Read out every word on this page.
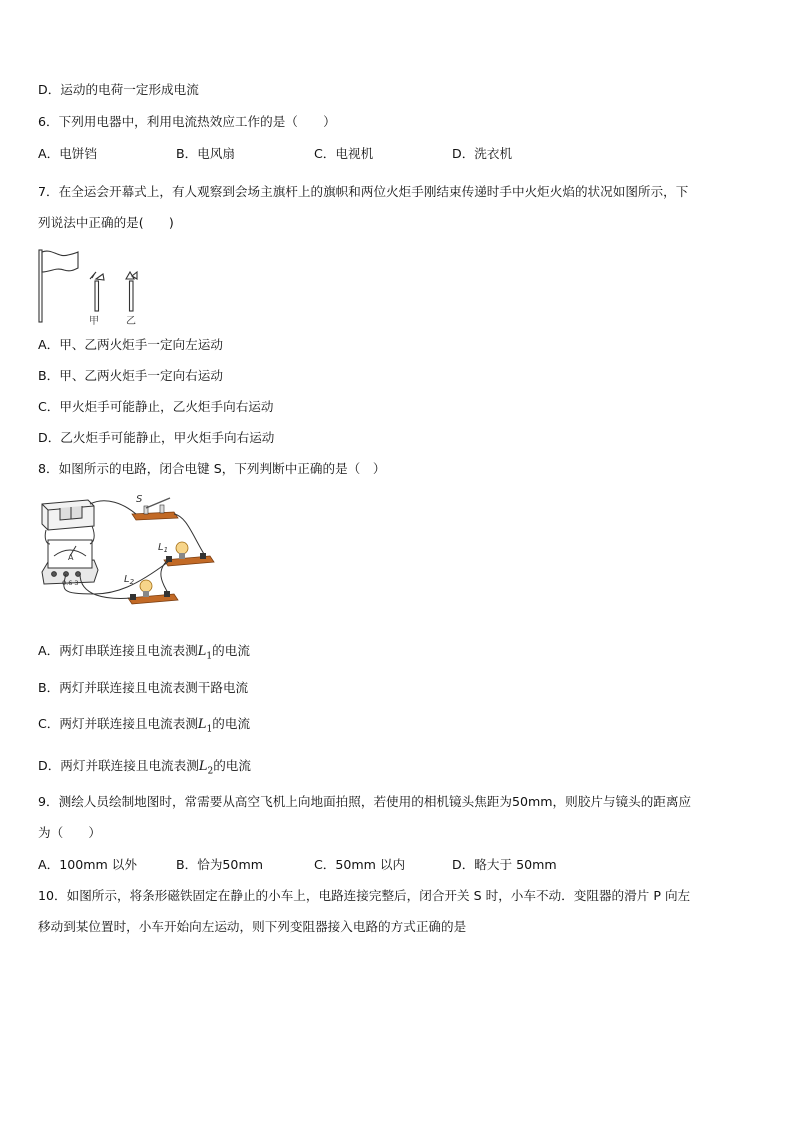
D．运动的电荷一定形成电流
6．下列用电器中，利用电流热效应工作的是（　　）
A．电饼铛	B．电风扇	C．电视机	D．洗衣机
7．在全运会开幕式上，有人观察到会场主旗杆上的旗帜和两位火炬手刚结束传递时手中火炬火焰的状况如图所示，下
列说法中正确的是(　　)
甲	乙
A．甲、乙两火炬手一定向左运动
B．甲、乙两火炬手一定向右运动
C．甲火炬手可能静止，乙火炬手向右运动
D．乙火炬手可能静止，甲火炬手向右运动
8．如图所示的电路，闭合电键 S，下列判断中正确的是（　）
A
0.6 3
S
$L_1$
$L_2$
A．两灯串联连接且电流表测$L_1$的电流
B．两灯并联连接且电流表测干路电流
C．两灯并联连接且电流表测$L_1$的电流
D．两灯并联连接且电流表测$L_2$的电流
9．测绘人员绘制地图时，常需要从高空飞机上向地面拍照，若使用的相机镜头焦距为50mm，则胶片与镜头的距离应
为（　　）
A．100mm 以外	B．恰为50mm	C．50mm 以内	D．略大于 50mm
10．如图所示，将条形磁铁固定在静止的小车上，电路连接完整后，闭合开关 S 时，小车不动．变阻器的滑片 P 向左
移动到某位置时，小车开始向左运动，则下列变阻器接入电路的方式正确的是
